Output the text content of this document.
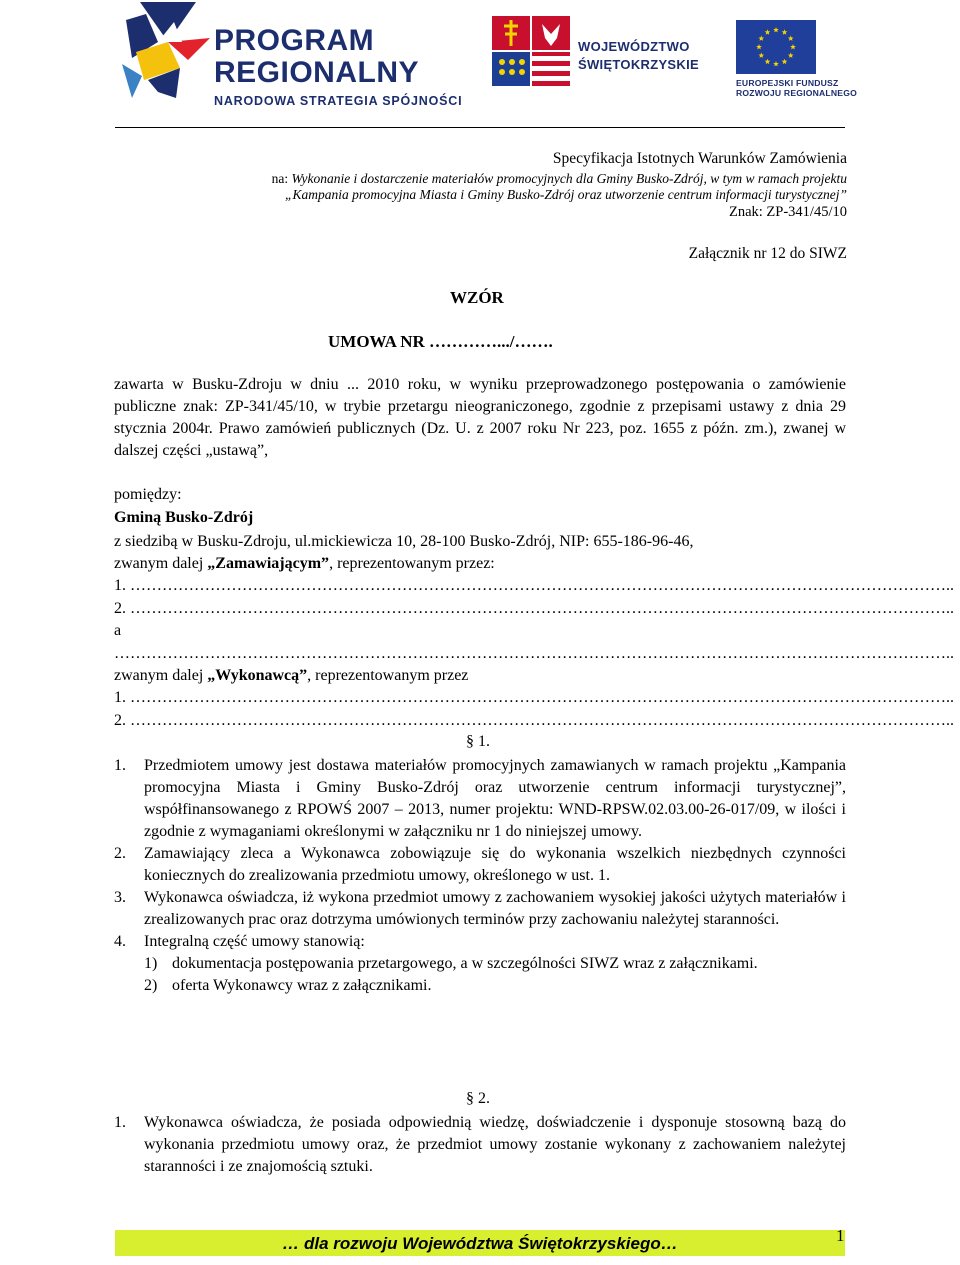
PROGRAM
REGIONALNY
NARODOWA STRATEGIA SPÓJNOŚCI
WOJEWÓDZTWO
ŚWIĘTOKRZYSKIE
EUROPEJSKI FUNDUSZ
ROZWOJU REGIONALNEGO
Specyfikacja Istotnych Warunków Zamówienia
na: Wykonanie i dostarczenie materiałów promocyjnych dla Gminy Busko-Zdrój, w tym w ramach projektu
„Kampania promocyjna Miasta i Gminy Busko-Zdrój oraz utworzenie centrum informacji turystycznej”
Znak: ZP-341/45/10
Załącznik nr 12 do SIWZ
WZÓR
UMOWA NR ………….../…….
zawarta w Busku-Zdroju w dniu ... 2010 roku, w wyniku przeprowadzonego postępowania o zamówienie publiczne znak: ZP-341/45/10, w trybie przetargu nieograniczonego, zgodnie z przepisami ustawy z dnia 29 stycznia 2004r. Prawo zamówień publicznych (Dz. U. z 2007 roku Nr 223, poz. 1655 z późn. zm.), zwanej w dalszej części „ustawą”,
pomiędzy:
Gminą Busko-Zdrój
z siedzibą w Busku-Zdroju, ul.mickiewicza 10, 28-100 Busko-Zdrój, NIP: 655-186-96-46,
zwanym dalej „Zamawiającym”, reprezentowanym przez:
1. ………………………………………………………………………………………………………………………………………..
2. ………………………………………………………………………………………………………………………………………..
a
…………………………………………………………………………………………………………………………………………..
zwanym dalej „Wykonawcą”, reprezentowanym przez
1. ………………………………………………………………………………………………………………………………………..
2. ………………………………………………………………………………………………………………………………………..
§ 1.
1. Przedmiotem umowy jest dostawa materiałów promocyjnych zamawianych w ramach projektu „Kampania promocyjna Miasta i Gminy Busko-Zdrój oraz utworzenie centrum informacji turystycznej”, współfinansowanego z RPOWŚ 2007 – 2013, numer projektu: WND-RPSW.02.03.00-26-017/09, w ilości i zgodnie z wymaganiami określonymi w załączniku nr 1 do niniejszej umowy.
2. Zamawiający zleca a Wykonawca zobowiązuje się do wykonania wszelkich niezbędnych czynności koniecznych do zrealizowania przedmiotu umowy, określonego w ust. 1.
3. Wykonawca oświadcza, iż wykona przedmiot umowy z zachowaniem wysokiej jakości użytych materiałów i zrealizowanych prac oraz dotrzyma umówionych terminów przy zachowaniu należytej staranności.
4. Integralną część umowy stanowią:
1) dokumentacja postępowania przetargowego, a w szczególności SIWZ wraz z załącznikami.
2) oferta Wykonawcy wraz z załącznikami.
§ 2.
1. Wykonawca oświadcza, że posiada odpowiednią wiedzę, doświadczenie i dysponuje stosowną bazą do wykonania przedmiotu umowy oraz, że przedmiot umowy zostanie wykonany z zachowaniem należytej staranności i ze znajomością sztuki.
… dla rozwoju Województwa Świętokrzyskiego…	1
